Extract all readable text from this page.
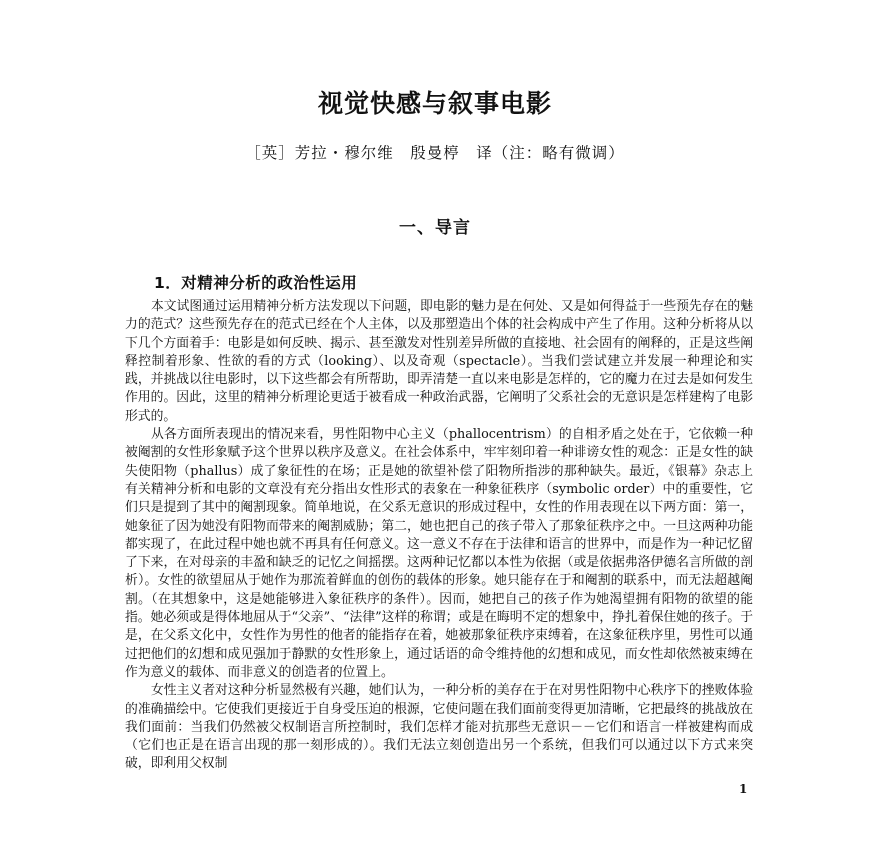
视觉快感与叙事电影
［英］芳拉・穆尔维　殷曼楟　译（注：略有微调）
一、导言
1．对精神分析的政治性运用

本文试图通过运用精神分析方法发现以下问题，即电影的魅力是在何处、又是如何得益于一些预先存在的魅力的范式？这些预先存在的范式已经在个人主体，以及那塑造出个体的社会构成中产生了作用。这种分析将从以下几个方面着手：电影是如何反映、揭示、甚至激发对性别差异所做的直接地、社会固有的阐释的，正是这些阐释控制着形象、性欲的看的方式（looking）、以及奇观（spectacle）。当我们尝试建立并发展一种理论和实践，并挑战以往电影时，以下这些都会有所帮助，即弄清楚一直以来电影是怎样的，它的魔力在过去是如何发生作用的。因此，这里的精神分析理论更适于被看成一种政治武器，它阐明了父系社会的无意识是怎样建构了电影形式的。

从各方面所表现出的情况来看，男性阳物中心主义（phallocentrism）的自相矛盾之处在于，它依赖一种被阉割的女性形象赋予这个世界以秩序及意义。在社会体系中，牢牢刻印着一种诽谤女性的观念：正是女性的缺失使阳物（phallus）成了象征性的在场；正是她的欲望补偿了阳物所指涉的那种缺失。最近，《银幕》杂志上有关精神分析和电影的文章没有充分指出女性形式的表象在一种象征秩序（symbolic order）中的重要性，它们只是提到了其中的阉割现象。简单地说，在父系无意识的形成过程中，女性的作用表现在以下两方面：第一，她象征了因为她没有阳物而带来的阉割威胁；第二，她也把自己的孩子带入了那象征秩序之中。一旦这两种功能都实现了，在此过程中她也就不再具有任何意义。这一意义不存在于法律和语言的世界中，而是作为一种记忆留了下来，在对母亲的丰盈和缺乏的记忆之间摇摆。这两种记忆都以本性为依据（或是依据弗洛伊德名言所做的剖析）。女性的欲望屈从于她作为那流着鲜血的创伤的载体的形象。她只能存在于和阉割的联系中，而无法超越阉割。（在其想象中，这是她能够进入象征秩序的条件）。因而，她把自己的孩子作为她渴望拥有阳物的欲望的能指。她必须或是得体地屈从于“父亲”、“法律”这样的称谓；或是在晦明不定的想象中，挣扎着保住她的孩子。于是，在父系文化中，女性作为男性的他者的能指存在着，她被那象征秩序束缚着，在这象征秩序里，男性可以通过把他们的幻想和成见强加于静默的女性形象上，通过话语的命令维持他的幻想和成见，而女性却依然被束缚在作为意义的载体、而非意义的创造者的位置上。

女性主义者对这种分析显然极有兴趣，她们认为，一种分析的美存在于在对男性阳物中心秩序下的挫败体验的准确描绘中。它使我们更接近于自身受压迫的根源，它使问题在我们面前变得更加清晰，它把最终的挑战放在我们面前：当我们仍然被父权制语言所控制时，我们怎样才能对抗那些无意识－－它们和语言一样被建构而成（它们也正是在语言出现的那一刻形成的）。我们无法立刻创造出另一个系统，但我们可以通过以下方式来突破，即利用父权制

1
